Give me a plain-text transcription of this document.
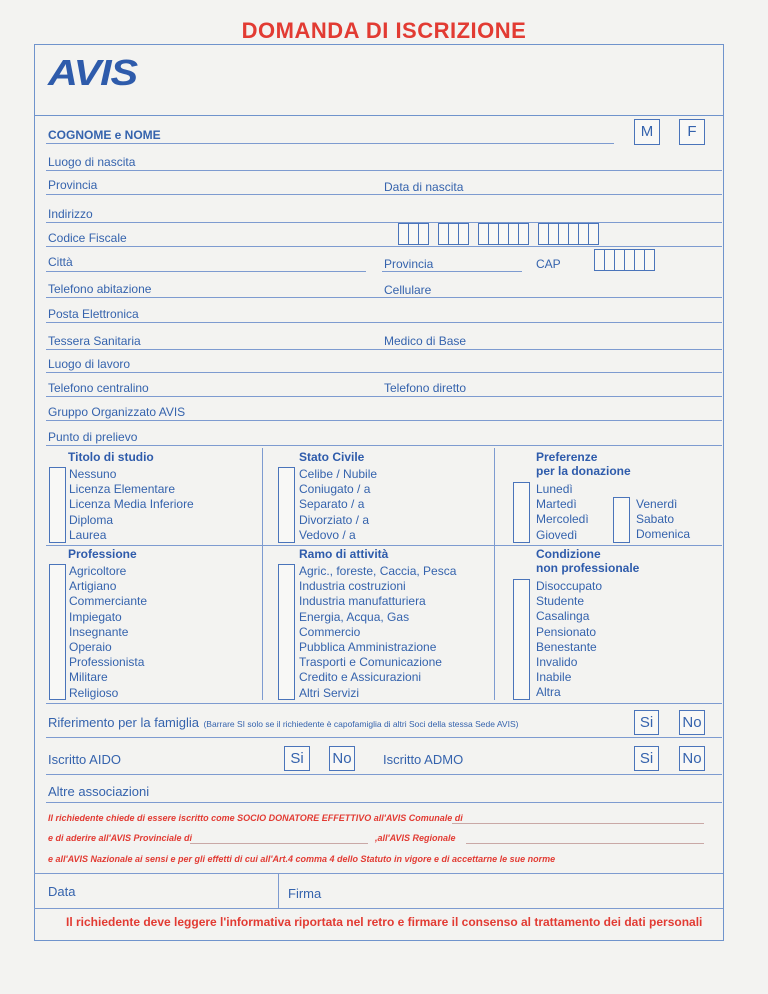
DOMANDA DI ISCRIZIONE
AVIS
COGNOME e NOME	M	F
Luogo di nascita
Provincia	Data di nascita
Indirizzo
Codice Fiscale
Città	Provincia	CAP
Telefono abitazione	Cellulare
Posta Elettronica
Tessera Sanitaria	Medico di Base
Luogo di lavoro
Telefono centralino	Telefono diretto
Gruppo Organizzato AVIS
Punto di prelievo
Titolo di studio
Nessuno
Licenza Elementare
Licenza Media Inferiore
Diploma
Laurea
Stato Civile
Celibe / Nubile
Coniugato / a
Separato / a
Divorziato / a
Vedovo / a
Preferenze
per la donazione
Lunedì
Martedì
Mercoledì
Giovedì
Venerdì
Sabato
Domenica
Professione
Agricoltore
Artigiano
Commerciante
Impiegato
Insegnante
Operaio
Professionista
Militare
Religioso
Ramo di attività
Agric., foreste, Caccia, Pesca
Industria costruzioni
Industria manufatturiera
Energia, Acqua, Gas
Commercio
Pubblica Amministrazione
Trasporti e Comunicazione
Credito e Assicurazioni
Altri Servizi
Condizione
non professionale
Disoccupato
Studente
Casalinga
Pensionato
Benestante
Invalido
Inabile
Altra
Riferimento per la famiglia (Barrare SI solo se il richiedente è capofamiglia di altri Soci della stessa Sede AVIS)	Si	No
Iscritto AIDO	Si	No Iscritto ADMO	Si	No
Altre associazioni
Il richiedente chiede di essere iscritto come SOCIO DONATORE EFFETTIVO all'AVIS Comunale di
e di aderire all'AVIS Provinciale di	,all'AVIS Regionale
e all'AVIS Nazionale ai sensi e per gli effetti di cui all'Art.4 comma 4 dello Statuto in vigore e di accettarne le sue norme
Data	Firma
Il richiedente deve leggere l'informativa riportata nel retro e firmare il consenso al trattamento dei dati personali
